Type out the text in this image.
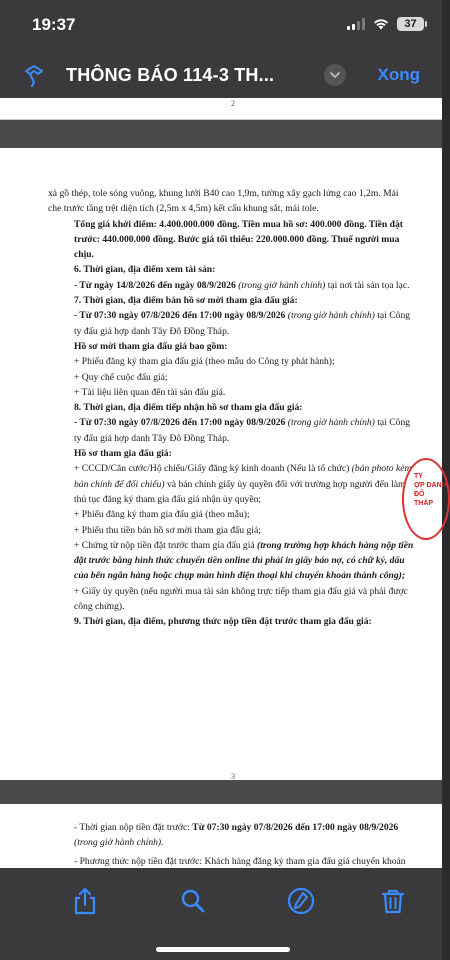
19:37	37
THÔNG BÁO 114-3 TH...	Xong
2

xà gồ thép, tole sóng vuông, khung lưới B40 cao 1,9m, tường xây gạch lửng cao 1,2m. Mái che trước tầng trệt diện tích (2,5m x 4,5m) kết cấu khung sắt, mái tole.

Tổng giá khởi điểm: 4.400.000.000 đồng. Tiền mua hồ sơ: 400.000 đồng. Tiền đặt trước: 440.000.000 đồng. Bước giá tối thiểu: 220.000.000 đồng. Thuế người mua chịu.

6. Thời gian, địa điểm xem tài sản:

- Từ ngày 14/8/2026 đến ngày 08/9/2026 (trong giờ hành chính) tại nơi tài sản tọa lạc.

7. Thời gian, địa điểm bán hồ sơ mời tham gia đấu giá:

- Từ 07:30 ngày 07/8/2026 đến 17:00 ngày 08/9/2026 (trong giờ hành chính) tại Công ty đấu giá hợp danh Tây Đô Đồng Tháp.

Hồ sơ mời tham gia đấu giá bao gồm:

+ Phiếu đăng ký tham gia đấu giá (theo mẫu do Công ty phát hành);

+ Quy chế cuộc đấu giá;

+ Tài liệu liên quan đến tài sản đấu giá.

8. Thời gian, địa điểm tiếp nhận hồ sơ tham gia đấu giá:

- Từ 07:30 ngày 07/8/2026 đến 17:00 ngày 08/9/2026 (trong giờ hành chính) tại Công ty đấu giá hợp danh Tây Đô Đồng Tháp.

Hồ sơ tham gia đấu giá:

+ CCCD/Căn cước/Hộ chiếu/Giấy đăng ký kinh doanh (Nếu là tổ chức) (bản photo kèm bản chính để đối chiếu) và bản chính giấy ủy quyền đối với trường hợp người đến làm thủ tục đăng ký tham gia đấu giá nhận ủy quyền;

+ Phiếu đăng ký tham gia đấu giá (theo mẫu);

+ Phiếu thu tiền bán hồ sơ mời tham gia đấu giá;

+ Chứng từ nộp tiền đặt trước tham gia đấu giá (trong trường hợp khách hàng nộp tiền đặt trước bằng hình thức chuyển tiền online thì phải in giấy báo nợ, có chữ ký, dấu của bên ngân hàng hoặc chụp màn hình điện thoại khi chuyển khoản thành công);

+ Giấy ủy quyền (nếu người mua tài sản không trực tiếp tham gia đấu giá và phải được công chứng).

9. Thời gian, địa điểm, phương thức nộp tiền đặt trước tham gia đấu giá:

TY
ỢP DANH
ĐÔ
THÁP
3

- Thời gian nộp tiền đặt trước: Từ 07:30 ngày 07/8/2026 đến 17:00 ngày 08/9/2026 (trong giờ hành chính).

- Phương thức nộp tiền đặt trước: Khách hàng đăng ký tham gia đấu giá chuyển khoản
